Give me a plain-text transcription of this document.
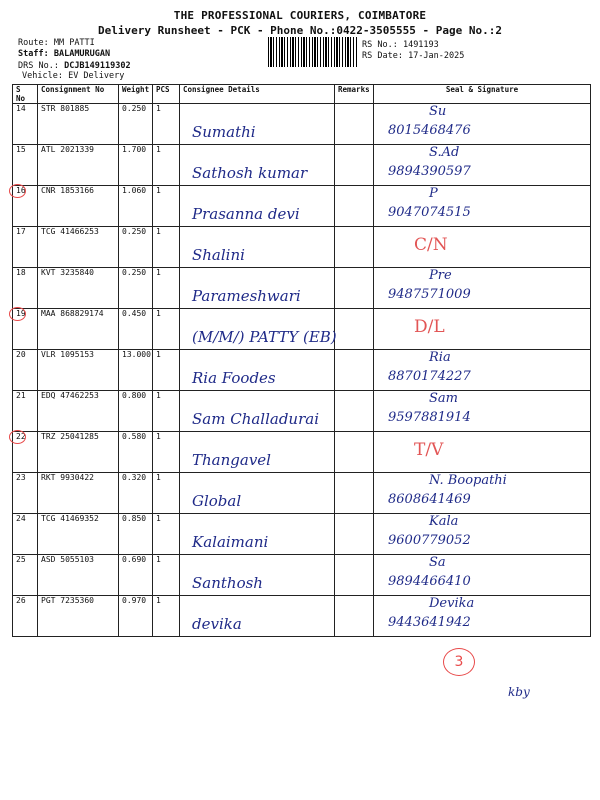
THE PROFESSIONAL COURIERS, COIMBATORE
Delivery Runsheet - PCK - Phone No.:0422-3505555 - Page No.:2
Route: MM PATTI
Staff: BALAMURUGAN
DRS No.: DCJB149119302
Vehicle: EV Delivery
RS No.: 1491193
RS Date: 17-Jan-2025
S No	Consignment No	Weight	PCS	Consignee Details	Remarks	Seal & Signature
14	STR 801885	0.250	1	Sumathi		Su
8015468476

15	ATL 2021339	1.700	1	Sathosh kumar		S.Ad
9894390597

16	CNR 1853166	1.060	1	Prasanna devi		P
9047074515

17	TCG 41466253	0.250	1	Shalini		C/N

18	KVT 3235840	0.250	1	Parameshwari		Pre
9487571009

19	MAA 868829174	0.450	1	(M/M/) PATTY (EB)		D/L

20	VLR 1095153	13.000	1	Ria Foodes		Ria
8870174227

21	EDQ 47462253	0.800	1	Sam Challadurai		Sam
9597881914

22	TRZ 25041285	0.580	1	Thangavel		T/V

23	RKT 9930422	0.320	1	Global		N. Boopathi
8608641469

24	TCG 41469352	0.850	1	Kalaimani		Kala
9600779052

25	ASD 5055103	0.690	1	Santhosh		Sa
9894466410

26	PGT 7235360	0.970	1	devika		Devika
9443641942
3
kby
